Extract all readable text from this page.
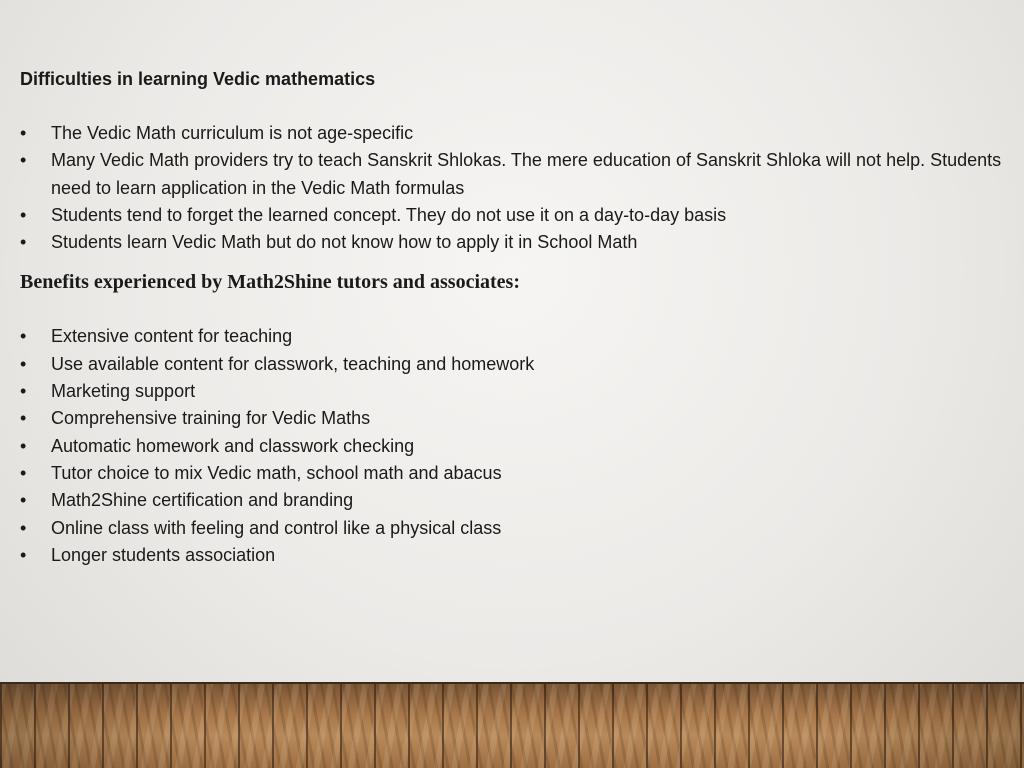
Difficulties in learning Vedic mathematics
•	The Vedic Math curriculum is not age-specific
•	Many Vedic Math providers try to teach Sanskrit Shlokas. The mere education of Sanskrit Shloka will not help. Students need to learn application in the Vedic Math formulas
•	Students tend to forget the learned concept. They do not use it on a day-to-day basis
•	Students learn Vedic Math but do not know how to apply it in School Math
Benefits experienced by Math2Shine tutors and associates:
•	Extensive content for teaching
•	Use available content for classwork, teaching and homework
•	Marketing support
•	Comprehensive training for Vedic Maths
•	Automatic homework and classwork checking
•	Tutor choice to mix Vedic math, school math and abacus
•	Math2Shine certification and branding
•	Online class with feeling and control like a physical class
•	Longer students association
